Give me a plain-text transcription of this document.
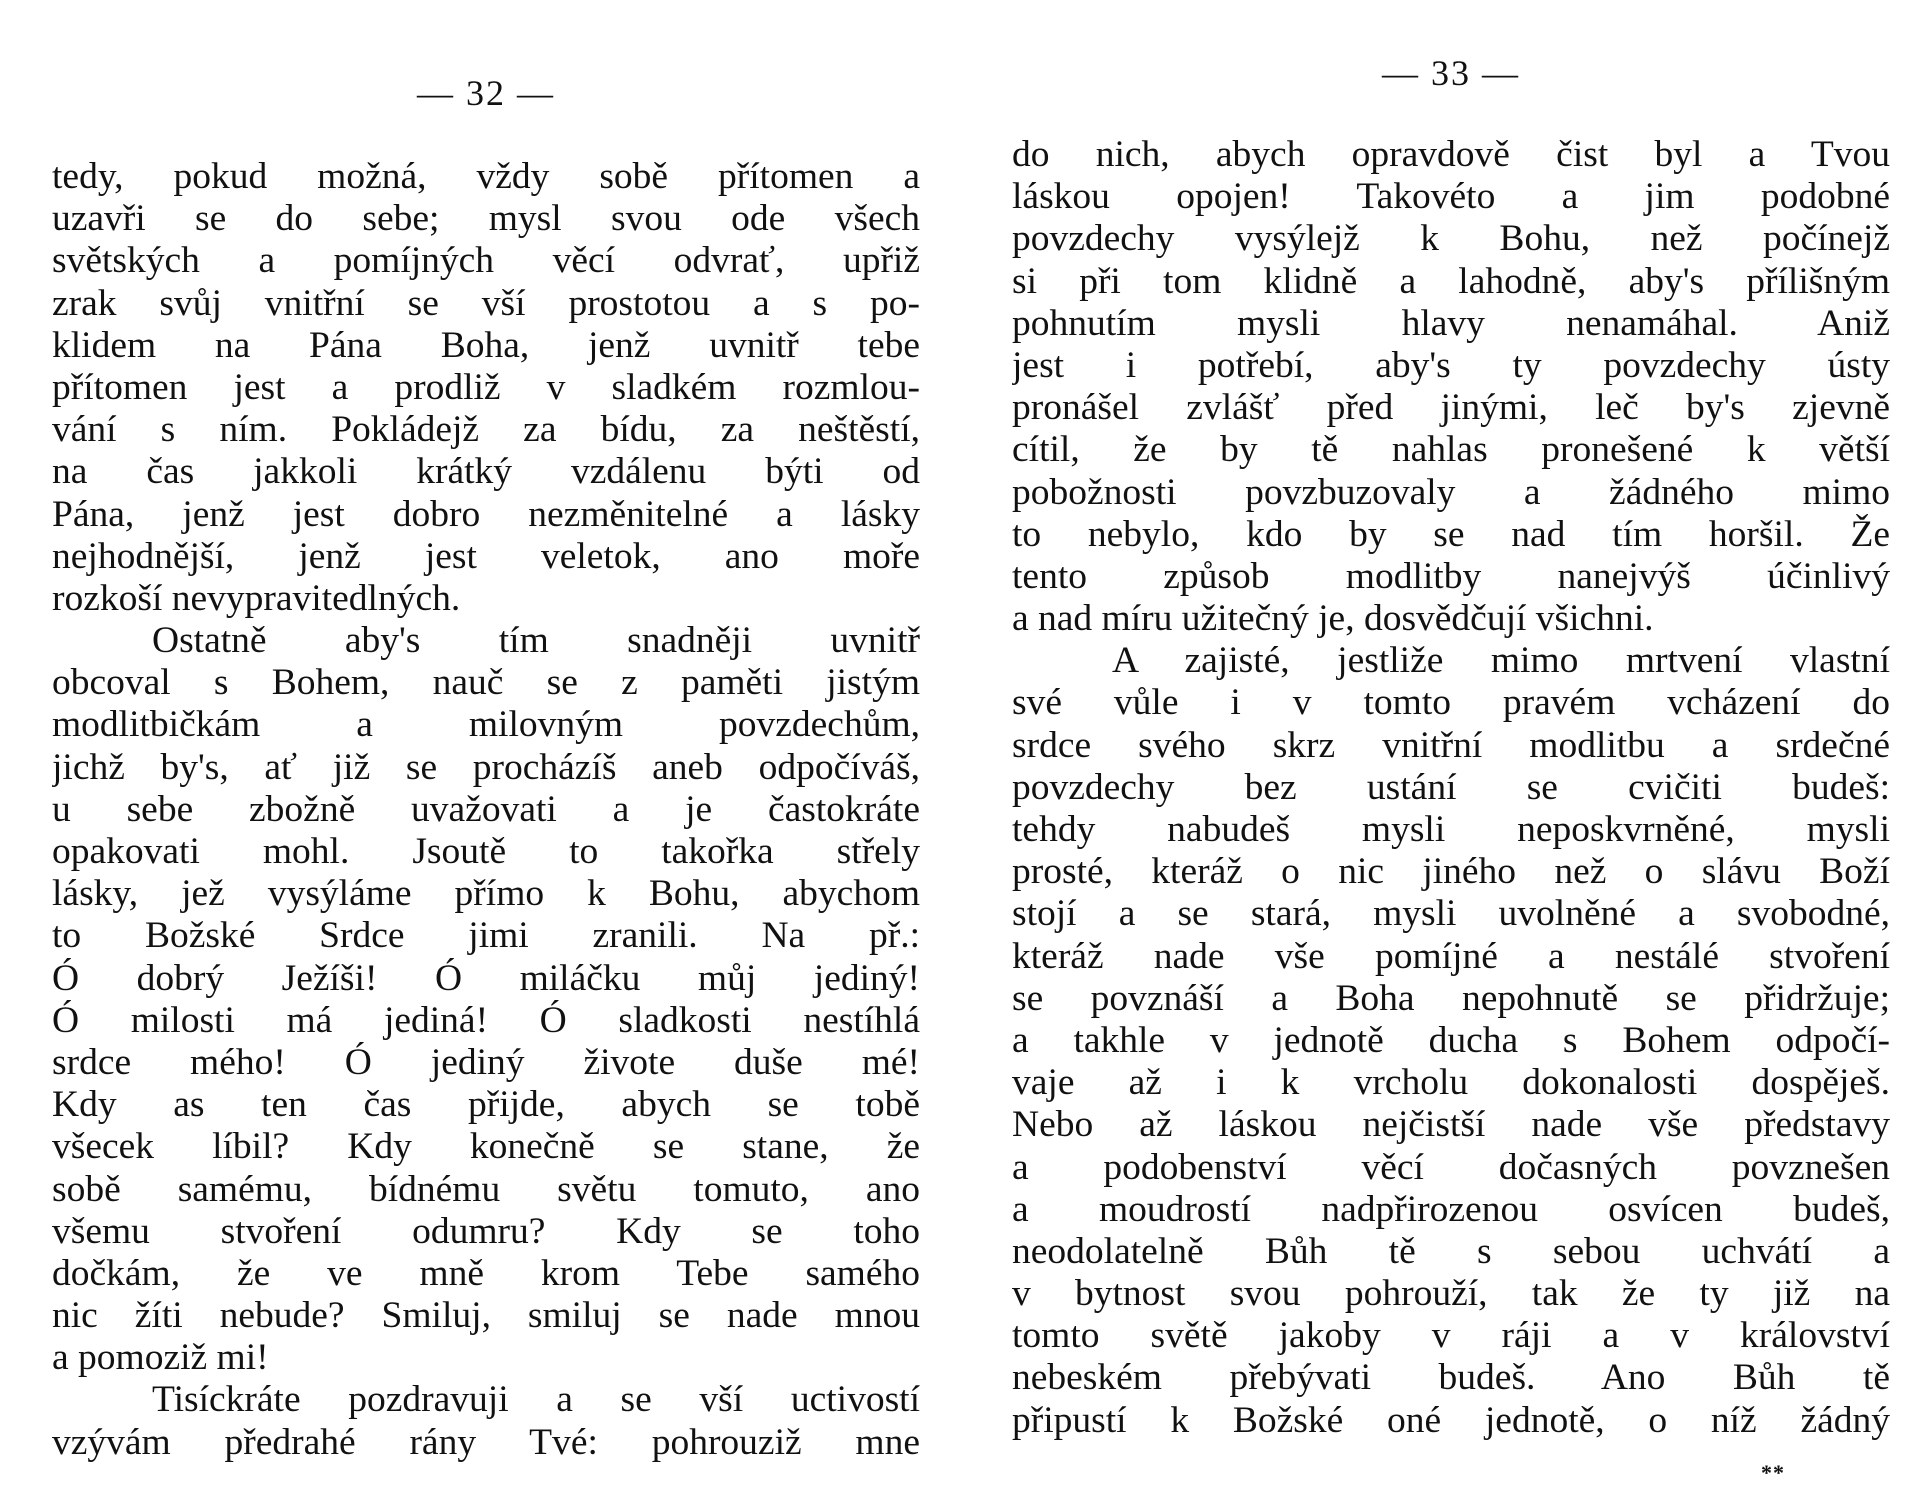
— 32 —
tedy, pokud možná, vždy sobě přítomen a
uzavři se do sebe; mysl svou ode všech
světských a pomíjných věcí odvrať, upřiž
zrak svůj vnitřní se vší prostotou a s po-
klidem na Pána Boha, jenž uvnitř tebe
přítomen jest a prodliž v sladkém rozmlou-
vání s ním. Pokládejž za bídu, za neštěstí,
na čas jakkoli krátký vzdálenu býti od
Pána, jenž jest dobro nezměnitelné a lásky
nejhodnější, jenž jest veletok, ano moře
rozkoší nevypravitedlných.
Ostatně aby's tím snadněji uvnitř
obcoval s Bohem, nauč se z paměti jistým
modlitbičkám a milovným povzdechům,
jichž by's, ať již se procházíš aneb odpočíváš,
u sebe zbožně uvažovati a je častokráte
opakovati mohl. Jsoutě to takořka střely
lásky, jež vysýláme přímo k Bohu, abychom
to Božské Srdce jimi zranili. Na př.:
Ó dobrý Ježíši! Ó miláčku můj jediný!
Ó milosti má jediná! Ó sladkosti nestíhlá
srdce mého! Ó jediný živote duše mé!
Kdy as ten čas přijde, abych se tobě
všecek líbil? Kdy konečně se stane, že
sobě samému, bídnému světu tomuto, ano
všemu stvoření odumru? Kdy se toho
dočkám, že ve mně krom Tebe samého
nic žíti nebude? Smiluj, smiluj se nade mnou
a pomoziž mi!
Tisíckráte pozdravuji a se vší uctivostí
vzývám předrahé rány Tvé: pohrouziž mne
— 33 —
do nich, abych opravdově čist byl a Tvou
láskou opojen! Takovéto a jim podobné
povzdechy vysýlejž k Bohu, než počínejž
si při tom klidně a lahodně, aby's přílišným
pohnutím mysli hlavy nenamáhal. Aniž
jest i potřebí, aby's ty povzdechy ústy
pronášel zvlášť před jinými, leč by's zjevně
cítil, že by tě nahlas pronešené k větší
pobožnosti povzbuzovaly a žádného mimo
to nebylo, kdo by se nad tím horšil. Že
tento způsob modlitby nanejvýš účinlivý
a nad míru užitečný je, dosvědčují všichni.
A zajisté, jestliže mimo mrtvení vlastní
své vůle i v tomto pravém vcházení do
srdce svého skrz vnitřní modlitbu a srdečné
povzdechy bez ustání se cvičiti budeš:
tehdy nabudeš mysli neposkvrněné, mysli
prosté, kteráž o nic jiného než o slávu Boží
stojí a se stará, mysli uvolněné a svobodné,
kteráž nade vše pomíjné a nestálé stvoření
se povznáší a Boha nepohnutě se přidržuje;
a takhle v jednotě ducha s Bohem odpočí-
vaje až i k vrcholu dokonalosti dospěješ.
Nebo až láskou nejčistší nade vše představy
a podobenství věcí dočasných povznešen
a moudrostí nadpřirozenou osvícen budeš,
neodolatelně Bůh tě s sebou uchvátí a
v bytnost svou pohrouží, tak že ty již na
tomto světě jakoby v ráji a v království
nebeském přebývati budeš. Ano Bůh tě
připustí k Božské oné jednotě, o níž žádný
**
